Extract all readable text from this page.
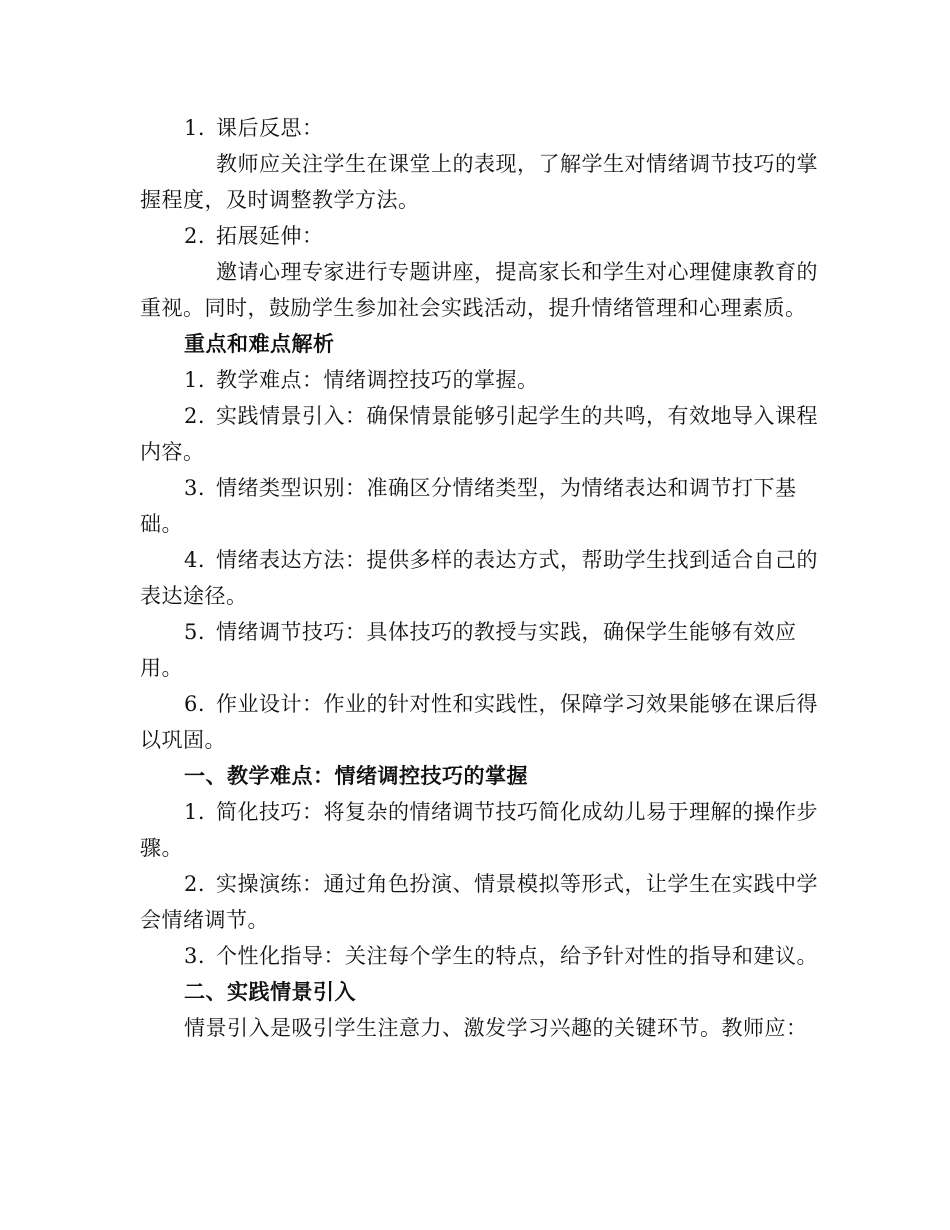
1. 课后反思：

教师应关注学生在课堂上的表现，了解学生对情绪调节技巧的掌握程度，及时调整教学方法。

2. 拓展延伸：

邀请心理专家进行专题讲座，提高家长和学生对心理健康教育的重视。同时，鼓励学生参加社会实践活动，提升情绪管理和心理素质。

重点和难点解析

1. 教学难点：情绪调控技巧的掌握。

2. 实践情景引入：确保情景能够引起学生的共鸣，有效地导入课程内容。

3. 情绪类型识别：准确区分情绪类型，为情绪表达和调节打下基础。

4. 情绪表达方法：提供多样的表达方式，帮助学生找到适合自己的表达途径。

5. 情绪调节技巧：具体技巧的教授与实践，确保学生能够有效应用。

6. 作业设计：作业的针对性和实践性，保障学习效果能够在课后得以巩固。

一、教学难点：情绪调控技巧的掌握

1. 简化技巧：将复杂的情绪调节技巧简化成幼儿易于理解的操作步骤。

2. 实操演练：通过角色扮演、情景模拟等形式，让学生在实践中学会情绪调节。

3. 个性化指导：关注每个学生的特点，给予针对性的指导和建议。

二、实践情景引入

情景引入是吸引学生注意力、激发学习兴趣的关键环节。教师应：
